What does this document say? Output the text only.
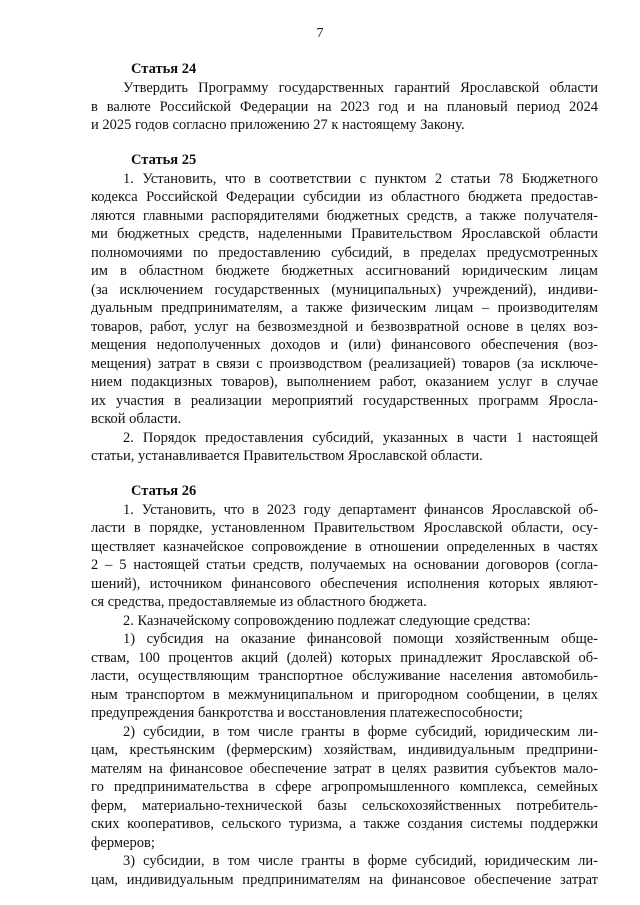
7
Статья 24

Утвердить Программу государственных гарантий Ярославской области
в валюте Российской Федерации на 2023 год и на плановый период 2024
и 2025 годов согласно приложению 27 к настоящему Закону.

Статья 25

1. Установить, что в соответствии с пунктом 2 статьи 78 Бюджетного
кодекса Российской Федерации субсидии из областного бюджета предостав-
ляются главными распорядителями бюджетных средств, а также получателя-
ми бюджетных средств, наделенными Правительством Ярославской области
полномочиями по предоставлению субсидий, в пределах предусмотренных
им в областном бюджете бюджетных ассигнований юридическим лицам
(за исключением государственных (муниципальных) учреждений), индиви-
дуальным предпринимателям, а также физическим лицам – производителям
товаров, работ, услуг на безвозмездной и безвозвратной основе в целях воз-
мещения недополученных доходов и (или) финансового обеспечения (воз-
мещения) затрат в связи с производством (реализацией) товаров (за исключе-
нием подакцизных товаров), выполнением работ, оказанием услуг в случае
их участия в реализации мероприятий государственных программ Яросла-
вской области.

2. Порядок предоставления субсидий, указанных в части 1 настоящей
статьи, устанавливается Правительством Ярославской области.

Статья 26

1. Установить, что в 2023 году департамент финансов Ярославской об-
ласти в порядке, установленном Правительством Ярославской области, осу-
ществляет казначейское сопровождение в отношении определенных в частях
2 – 5 настоящей статьи средств, получаемых на основании договоров (согла-
шений), источником финансового обеспечения исполнения которых являют-
ся средства, предоставляемые из областного бюджета.

2. Казначейскому сопровождению подлежат следующие средства:

1) субсидия на оказание финансовой помощи хозяйственным обще-
ствам, 100 процентов акций (долей) которых принадлежит Ярославской об-
ласти, осуществляющим транспортное обслуживание населения автомобиль-
ным транспортом в межмуниципальном и пригородном сообщении, в целях
предупреждения банкротства и восстановления платежеспособности;

2) субсидии, в том числе гранты в форме субсидий, юридическим ли-
цам, крестьянским (фермерским) хозяйствам, индивидуальным предприни-
мателям на финансовое обеспечение затрат в целях развития субъектов мало-
го предпринимательства в сфере агропромышленного комплекса, семейных
ферм, материально-технической базы сельскохозяйственных потребитель-
ских кооперативов, сельского туризма, а также создания системы поддержки
фермеров;

3) субсидии, в том числе гранты в форме субсидий, юридическим ли-
цам, индивидуальным предпринимателям на финансовое обеспечение затрат
